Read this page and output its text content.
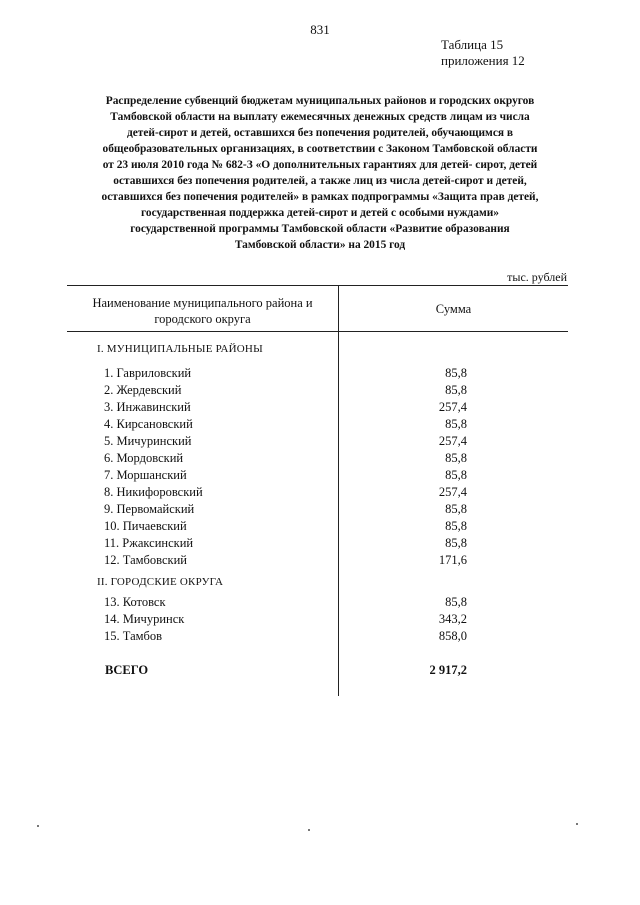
831
Таблица 15
приложения 12
Распределение субвенций бюджетам муниципальных районов и городских округов
Тамбовской области на выплату ежемесячных денежных средств лицам из числа
детей-сирот и детей, оставшихся без попечения родителей, обучающимся в
общеобразовательных организациях, в соответствии с Законом Тамбовской области
от 23 июля 2010 года № 682-З «О дополнительных гарантиях для детей- сирот, детей
оставшихся без попечения родителей, а также лиц из числа детей-сирот и детей,
оставшихся без попечения родителей» в рамках подпрограммы «Защита прав детей,
государственная поддержка детей-сирот и детей с особыми нуждами»
государственной программы Тамбовской области «Развитие образования
Тамбовской области» на 2015 год
тыс. рублей
Наименование муниципального района и
городского округа
Сумма
I. МУНИЦИПАЛЬНЫЕ РАЙОНЫ
1. Гавриловский	85,8
2. Жердевский	85,8
3. Инжавинский	257,4
4. Кирсановский	85,8
5. Мичуринский	257,4
6. Мордовский	85,8
7. Моршанский	85,8
8. Никифоровский	257,4
9. Первомайский	85,8
10. Пичаевский	85,8
11. Ржаксинский	85,8
12. Тамбовский	171,6
II. ГОРОДСКИЕ ОКРУГА
13. Котовск	85,8
14. Мичуринск	343,2
15. Тамбов	858,0
ВСЕГО	2 917,2
